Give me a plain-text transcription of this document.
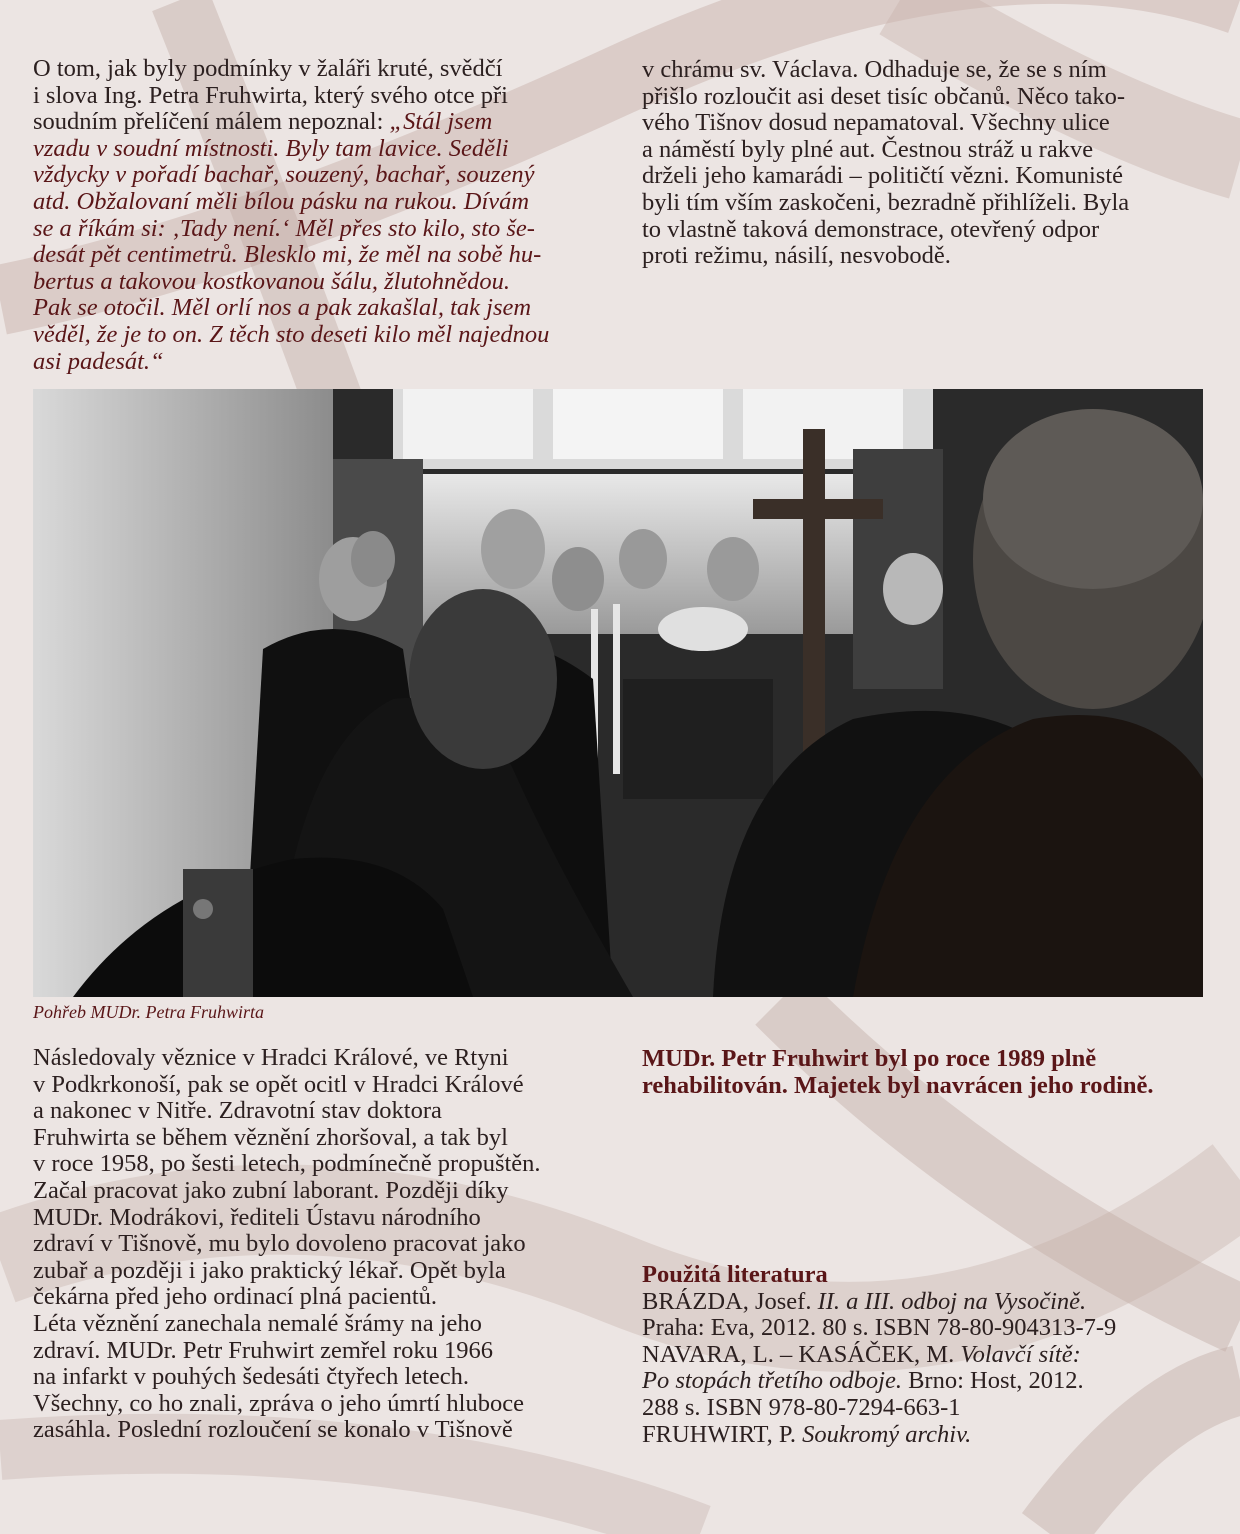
O tom, jak byly podmínky v žaláři kruté, svědčí
i slova Ing. Petra Fruhwirta, který svého otce při
soudním přelíčení málem nepoznal: „Stál jsem
vzadu v soudní místnosti. Byly tam lavice. Seděli
vždycky v pořadí bachař, souzený, bachař, souzený
atd. Obžalovaní měli bílou pásku na rukou. Dívám
se a říkám si: ‚Tady není.‘ Měl přes sto kilo, sto še-
desát pět centimetrů. Blesklo mi, že měl na sobě hu-
bertus a takovou kostkovanou šálu, žlutohnědou.
Pak se otočil. Měl orlí nos a pak zakašlal, tak jsem
věděl, že je to on. Z těch sto deseti kilo měl najednou
asi padesát.“
v chrámu sv. Václava. Odhaduje se, že se s ním
přišlo rozloučit asi deset tisíc občanů. Něco tako-
vého Tišnov dosud nepamatoval. Všechny ulice
a náměstí byly plné aut. Čestnou stráž u rakve
drželi jeho kamarádi – političtí vězni. Komunisté
byli tím vším zaskočeni, bezradně přihlíželi. Byla
to vlastně taková demonstrace, otevřený odpor
proti režimu, násilí, nesvobodě.
Pohřeb MUDr. Petra Fruhwirta
Následovaly věznice v Hradci Králové, ve Rtyni
v Podkrkonoší, pak se opět ocitl v Hradci Králové
a nakonec v Nitře. Zdravotní stav doktora
Fruhwirta se během věznění zhoršoval, a tak byl
v roce 1958, po šesti letech, podmínečně propuštěn.
Začal pracovat jako zubní laborant. Později díky
MUDr. Modrákovi, řediteli Ústavu národního
zdraví v Tišnově, mu bylo dovoleno pracovat jako
zubař a později i jako praktický lékař. Opět byla
čekárna před jeho ordinací plná pacientů.
Léta věznění zanechala nemalé šrámy na jeho
zdraví. MUDr. Petr Fruhwirt zemřel roku 1966
na infarkt v pouhých šedesáti čtyřech letech.
Všechny, co ho znali, zpráva o jeho úmrtí hluboce
zasáhla. Poslední rozloučení se konalo v Tišnově
MUDr. Petr Fruhwirt byl po roce 1989 plně
rehabilitován. Majetek byl navrácen jeho rodině.
Použitá literatura
BRÁZDA, Josef. II. a III. odboj na Vysočině.
Praha: Eva, 2012. 80 s. ISBN 78-80-904313-7-9
NAVARA, L. – KASÁČEK, M. Volavčí sítě:
Po stopách třetího odboje. Brno: Host, 2012.
288 s. ISBN 978-80-7294-663-1
FRUHWIRT, P. Soukromý archiv.
